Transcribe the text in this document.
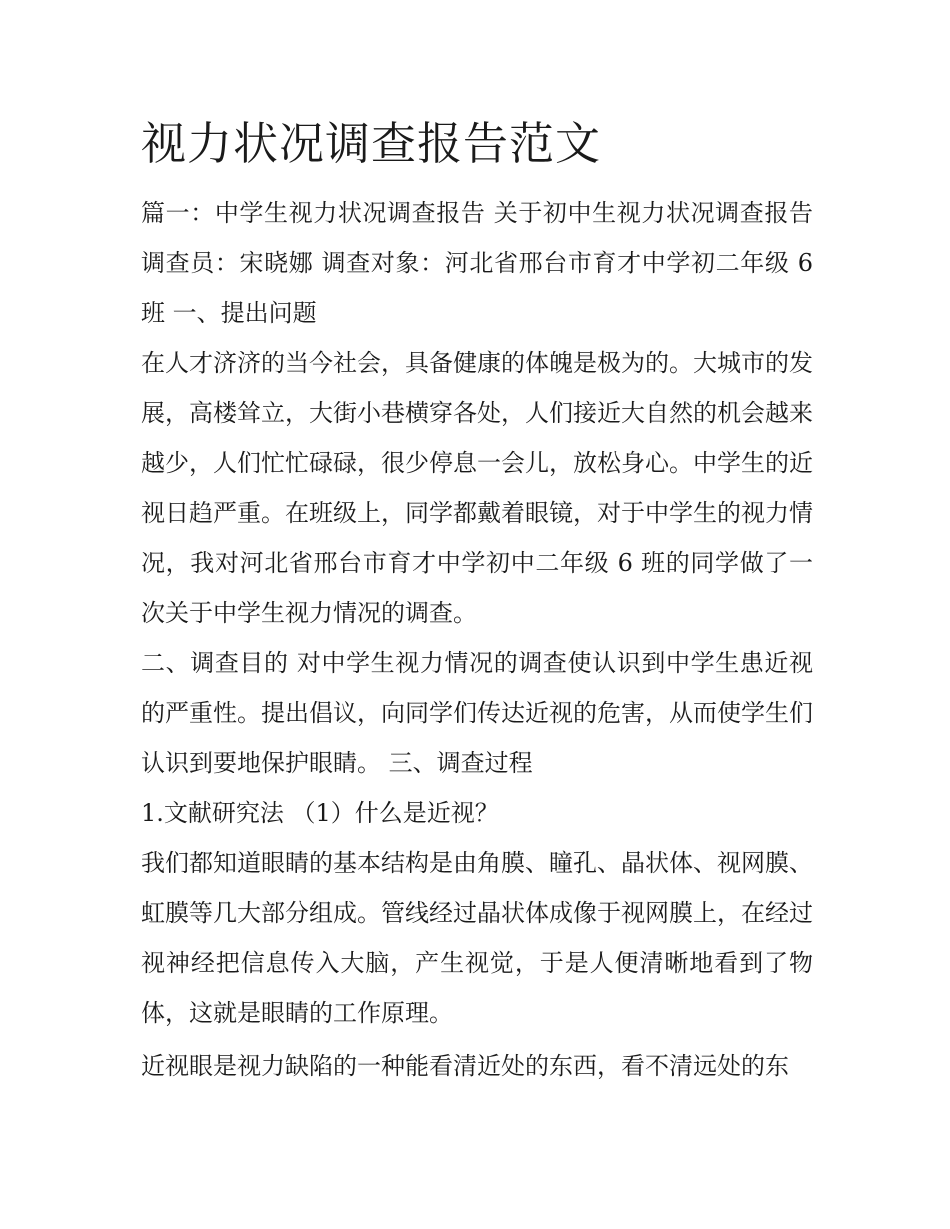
视力状况调查报告范文

篇一：中学生视力状况调查报告 关于初中生视力状况调查报告 调查员：宋晓娜 调查对象：河北省邢台市育才中学初二年级 6 班 一、提出问题

在人才济济的当今社会，具备健康的体魄是极为的。大城市的发展，高楼耸立，大街小巷横穿各处，人们接近大自然的机会越来越少，人们忙忙碌碌，很少停息一会儿，放松身心。中学生的近视日趋严重。在班级上，同学都戴着眼镜，对于中学生的视力情况，我对河北省邢台市育才中学初中二年级 6 班的同学做了一次关于中学生视力情况的调查。

二、调查目的 对中学生视力情况的调查使认识到中学生患近视的严重性。提出倡议，向同学们传达近视的危害，从而使学生们认识到要地保护眼睛。 三、调查过程

1.文献研究法 （1）什么是近视？

我们都知道眼睛的基本结构是由角膜、瞳孔、晶状体、视网膜、虹膜等几大部分组成。管线经过晶状体成像于视网膜上，在经过视神经把信息传入大脑，产生视觉，于是人便清晰地看到了物体，这就是眼睛的工作原理。

近视眼是视力缺陷的一种能看清近处的东西，看不清远处的东
